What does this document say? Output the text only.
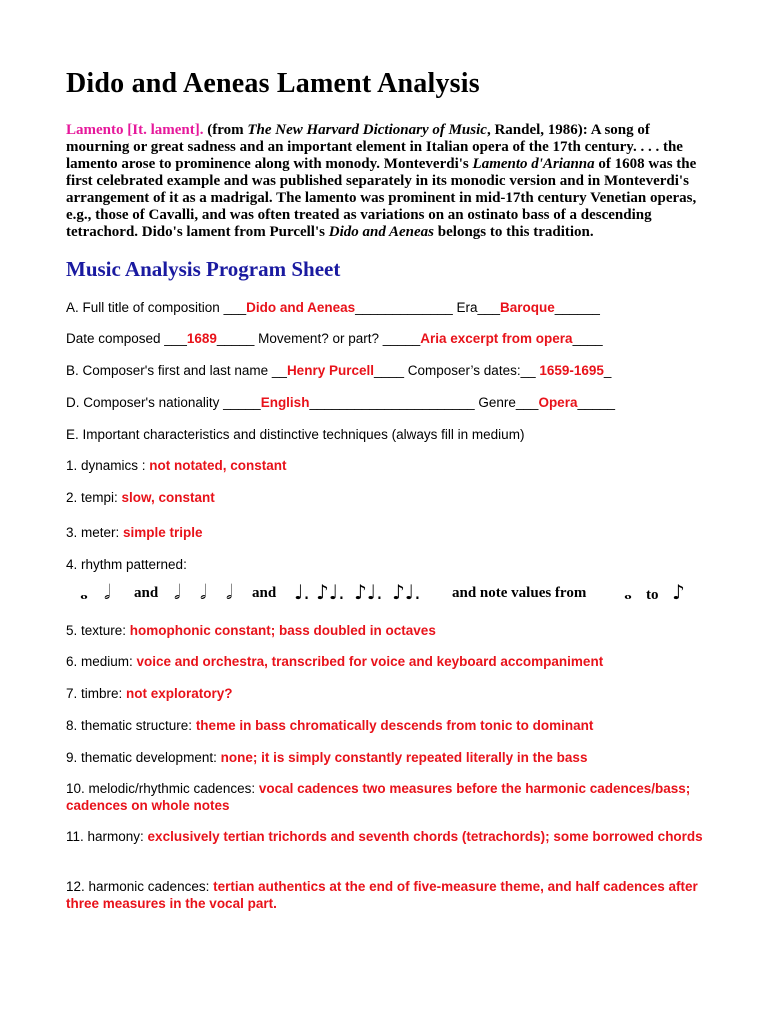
Dido and Aeneas Lament Analysis
Lamento [It. lament]. (from The New Harvard Dictionary of Music, Randel, 1986): A song of mourning or great sadness and an important element in Italian opera of the 17th century. . . . the lamento arose to prominence along with monody. Monteverdi's Lamento d'Arianna of 1608 was the first celebrated example and was published separately in its monodic version and in Monteverdi's arrangement of it as a madrigal. The lamento was prominent in mid-17th century Venetian operas, e.g., those of Cavalli, and was often treated as variations on an ostinato bass of a descending tetrachord. Dido's lament from Purcell's Dido and Aeneas belongs to this tradition.
Music Analysis Program Sheet
A. Full title of composition ___Dido and Aeneas_____________ Era___Baroque______
Date composed ___1689_____ Movement? or part? _____Aria excerpt from opera____
B. Composer's first and last name __Henry Purcell____ Composer’s dates:__ 1659-1695_
D. Composer's nationality _____English______________________ Genre___Opera_____
E. Important characteristics and distinctive techniques (always fill in medium)
1. dynamics : not notated, constant
2. tempi: slow, constant
3. meter: simple triple
4. rhythm patterned:
𝅝 𝅗𝅥 and 𝅗𝅥 𝅗𝅥 𝅗𝅥 and ♩. ♪♩. ♪♩. ♪♩. and note values from 𝅝 to ♪
5. texture: homophonic constant; bass doubled in octaves
6. medium: voice and orchestra, transcribed for voice and keyboard accompaniment
7. timbre: not exploratory?
8. thematic structure: theme in bass chromatically descends from tonic to dominant
9. thematic development: none; it is simply constantly repeated literally in the bass
10. melodic/rhythmic cadences: vocal cadences two measures before the harmonic cadences/bass; cadences on whole notes
11. harmony: exclusively tertian trichords and seventh chords (tetrachords); some borrowed chords
12. harmonic cadences: tertian authentics at the end of five-measure theme, and half cadences after three measures in the vocal part.
